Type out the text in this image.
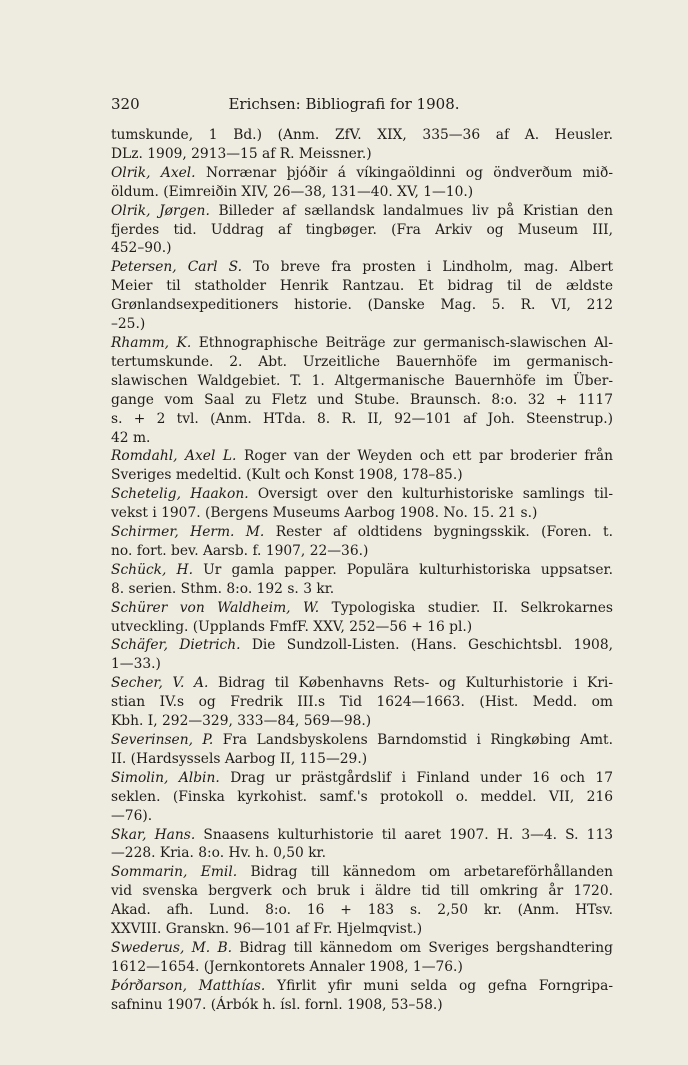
320	Erichsen: Bibliografi for 1908.

tumskunde, 1 Bd.) (Anm. ZfV. XIX, 335—36 af A. Heusler.
DLz. 1909, 2913—15 af R. Meissner.)

Olrik, Axel. Norrænar þjóðir á víkingaöldinni og öndverðum mið-
öldum. (Eimreiðin XIV, 26—38, 131—40. XV, 1—10.)

Olrik, Jørgen. Billeder af sællandsk landalmues liv på Kristian den
fjerdes tid. Uddrag af tingbøger. (Fra Arkiv og Museum III,
452–90.)

Petersen, Carl S. To breve fra prosten i Lindholm, mag. Albert
Meier til statholder Henrik Rantzau. Et bidrag til de ældste
Grønlandsexpeditioners historie. (Danske Mag. 5. R. VI, 212
–25.)

Rhamm, K. Ethnographische Beiträge zur germanisch-slawischen Al-
tertumskunde. 2. Abt. Urzeitliche Bauernhöfe im germanisch-
slawischen Waldgebiet. T. 1. Altgermanische Bauernhöfe im Über-
gange vom Saal zu Fletz und Stube. Braunsch. 8:o. 32 + 1117
s. + 2 tvl. (Anm. HTda. 8. R. II, 92—101 af Joh. Steenstrup.)
42 m.

Romdahl, Axel L. Roger van der Weyden och ett par broderier från
Sveriges medeltid. (Kult och Konst 1908, 178–85.)

Schetelig, Haakon. Oversigt over den kulturhistoriske samlings til-
vekst i 1907. (Bergens Museums Aarbog 1908. No. 15. 21 s.)

Schirmer, Herm. M. Rester af oldtidens bygningsskik. (Foren. t.
no. fort. bev. Aarsb. f. 1907, 22—36.)

Schück, H. Ur gamla papper. Populära kulturhistoriska uppsatser.
8. serien. Sthm. 8:o. 192 s. 3 kr.

Schürer von Waldheim, W. Typologiska studier. II. Selkrokarnes
utveckling. (Upplands FmfF. XXV, 252—56 + 16 pl.)

Schäfer, Dietrich. Die Sundzoll-Listen. (Hans. Geschichtsbl. 1908,
1—33.)

Secher, V. A. Bidrag til Københavns Rets- og Kulturhistorie i Kri-
stian IV.s og Fredrik III.s Tid 1624—1663. (Hist. Medd. om
Kbh. I, 292—329, 333—84, 569—98.)

Severinsen, P. Fra Landsbyskolens Barndomstid i Ringkøbing Amt.
II. (Hardsyssels Aarbog II, 115—29.)

Simolin, Albin. Drag ur prästgårdslif i Finland under 16 och 17
seklen. (Finska kyrkohist. samf.'s protokoll o. meddel. VII, 216
—76).

Skar, Hans. Snaasens kulturhistorie til aaret 1907. H. 3—4. S. 113
—228. Kria. 8:o. Hv. h. 0,50 kr.

Sommarin, Emil. Bidrag till kännedom om arbetareförhållanden
vid svenska bergverk och bruk i äldre tid till omkring år 1720.
Akad. afh. Lund. 8:o. 16 + 183 s. 2,50 kr. (Anm. HTsv.
XXVIII. Granskn. 96—101 af Fr. Hjelmqvist.)

Swederus, M. B. Bidrag till kännedom om Sveriges bergshandtering
1612—1654. (Jernkontorets Annaler 1908, 1—76.)

Þórðarson, Matthías. Yfirlit yfir muni selda og gefna Forngripa-
safninu 1907. (Árbók h. ísl. fornl. 1908, 53–58.)
